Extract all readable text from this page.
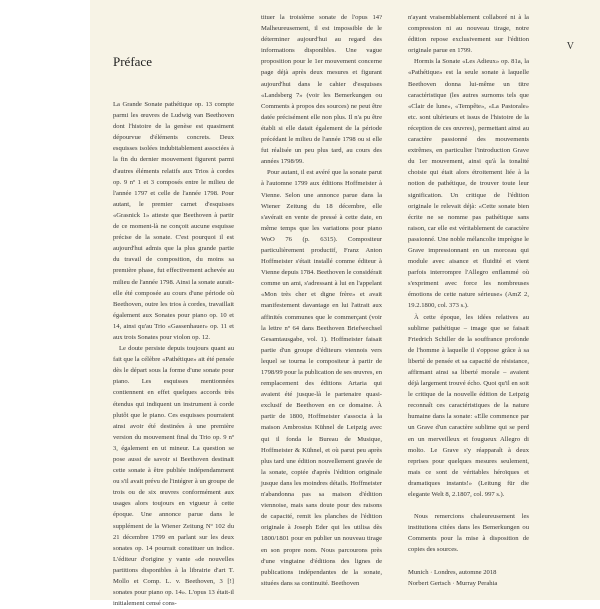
V
Préface

La Grande Sonate pathétique op. 13 compte parmi les œuvres de Ludwig van Beethoven dont l'histoire de la genèse est quasiment dépourvue d'éléments concrets. Deux esquisses isolées indubitablement associées à la fin du dernier mouvement figurent parmi d'autres éléments relatifs aux Trios à cordes op. 9 nº 1 et 3 composés entre le milieu de l'année 1797 et celle de l'année 1798. Pour autant, le premier carnet d'esquisses «Grasnick 1» atteste que Beethoven à partir de ce moment-là ne conçoit aucune esquisse précise de la sonate. C'est pourquoi il est aujourd'hui admis que la plus grande partie du travail de composition, du moins sa première phase, fut effectivement achevée au milieu de l'année 1798. Ainsi la sonate aurait-elle été composée au cours d'une période où Beethoven, outre les trios à cordes, travaillait également aux Sonates pour piano op. 10 et 14, ainsi qu'au Trio «Gassenhauer» op. 11 et aux trois Sonates pour violon op. 12.

Le doute persiste depuis toujours quant au fait que la célèbre «Pathétique» ait été pensée dès le départ sous la forme d'une sonate pour piano. Les esquisses mentionnées contiennent en effet quelques accords très étendus qui indiquent un instrument à corde plutôt que le piano. Ces esquisses pourraient ainsi avoir été destinées à une première version du mouvement final du Trio op. 9 nº 3, également en ut mineur. La question se pose aussi de savoir si Beethoven destinait cette sonate à être publiée indépendamment ou s'il avait prévu de l'intégrer à un groupe de trois ou de six œuvres conformément aux usages alors toujours en vigueur à cette époque. Une annonce parue dans le supplément de la Wiener Zeitung Nº 102 du 21 décembre 1799 en parlant sur les deux sonates op. 14 pourrait constituer un indice. L'éditeur d'origine y vante «de nouvelles partitions disponibles à la librairie d'art T. Mollo et Comp. L. v. Beethoven, 3 [!] sonates pour piano op. 14». L'opus 13 était-il initialement censé cons-

tituer la troisième sonate de l'opus 14? Malheureusement, il est impossible de le déterminer aujourd'hui au regard des informations disponibles. Une vague proposition pour le 1er mouvement concerne page déjà après deux mesures et figurant aujourd'hui dans le cahier d'esquisses «Landsberg 7» (voir les Bemerkungen ou Comments à propos des sources) ne peut être datée précisément elle non plus. Il n'a pu être établi si elle datait également de la période précédant le milieu de l'année 1798 ou si elle fut réalisée un peu plus tard, au cours des années 1798/99.

Pour autant, il est avéré que la sonate parut à l'automne 1799 aux éditions Hoffmeister à Vienne. Selon une annonce parue dans la Wiener Zeitung du 18 décembre, elle s'avérait en vente de pressé à cette date, en même temps que les variations pour piano WoO 76 (p. 6315). Compositeur particulièrement productif, Franz Anton Hoffmeister s'était installé comme éditeur à Vienne depuis 1784. Beethoven le considérait comme un ami, s'adressant à lui en l'appelant «Mon très cher et digne frère» et avait manifestement davantage en lui l'attrait aux affinités communes que le commerçant (voir la lettre nº 64 dans Beethoven Briefwechsel Gesamtausgabe, vol. 1). Hoffmeister faisait partie d'un groupe d'éditeurs viennois vers lequel se tourna le compositeur à partir de 1798/99 pour la publication de ses œuvres, en remplacement des éditions Artaria qui avaient été jusque-là le partenaire quasi-exclusif de Beethoven en ce domaine. À partir de 1800, Hoffmeister s'associa à la maison Ambrosius Kühnel de Leipzig avec qui il fonda le Bureau de Musique, Hoffmeister & Kühnel, et où parut peu après plus tard une édition nouvellement gravée de la sonate, copiée d'après l'édition originale jusque dans les moindres détails. Hoffmeister n'abandonna pas sa maison d'édition viennoise, mais sans doute pour des raisons de capacité, remit les planches de l'édition originale à Joseph Eder qui les utilisa dès 1800/1801 pour en publier un nouveau tirage en son propre nom. Nous parcourons près d'une vingtaine d'éditions des lignes de publications indépendantes de la sonate, situées dans sa continuité. Beethoven

n'ayant vraisemblablement collaboré ni à la compression ni au nouveau tirage, notre édition repose exclusivement sur l'édition originale parue en 1799.

Hormis la Sonate «Les Adieux» op. 81a, la «Pathétique» est la seule sonate à laquelle Beethoven donna lui-même un titre caractéristique (les autres surnoms tels que «Clair de lune», «Tempête», «La Pastorale» etc. sont ultérieurs et issus de l'histoire de la réception de ces œuvres), permettant ainsi au caractère passionné des mouvements extrêmes, en particulier l'introduction Grave du 1er mouvement, ainsi qu'à la tonalité choisie qui était alors étroitement liée à la notion de pathétique, de trouver toute leur signification. Un critique de l'édition originale le relevait déjà: «Cette sonate bien écrite ne se nomme pas pathétique sans raison, car elle est véritablement de caractère passionné. Une noble mélancolie imprègne le Grave impressionnant en un morceau qui module avec aisance et fluidité et vient parfois interrompre l'Allegro enflammé où s'expriment avec force les nombreuses émotions de cette nature sérieuse» (AmZ 2, 19.2.1800, col. 373 s.).

À cette époque, les idées relatives au sublime pathétique – image que se faisait Friedrich Schiller de la souffrance profonde de l'homme à laquelle il s'oppose grâce à sa liberté de pensée et sa capacité de résistance, affirmant ainsi sa liberté morale – avaient déjà largement trouvé écho. Quoi qu'il en soit le critique de la nouvelle édition de Leipzig reconnaît ces caractéristiques de la nature humaine dans la sonate: «Elle commence par un Grave d'un caractère sublime qui se perd en un merveilleux et fougueux Allegro di molto. Le Grave s'y réapparaît à deux reprises pour quelques mesures seulement, mais ce sont de véritables héroïques et dramatiques instants!» (Leitung für die elegante Welt 8, 2.1807, col. 997 s.).

Nous remercions chaleureusement les institutions citées dans les Bemerkungen ou Comments pour la mise à disposition de copies des sources.

Munich · Londres, automne 2018
Norbert Gertsch · Murray Perahia
